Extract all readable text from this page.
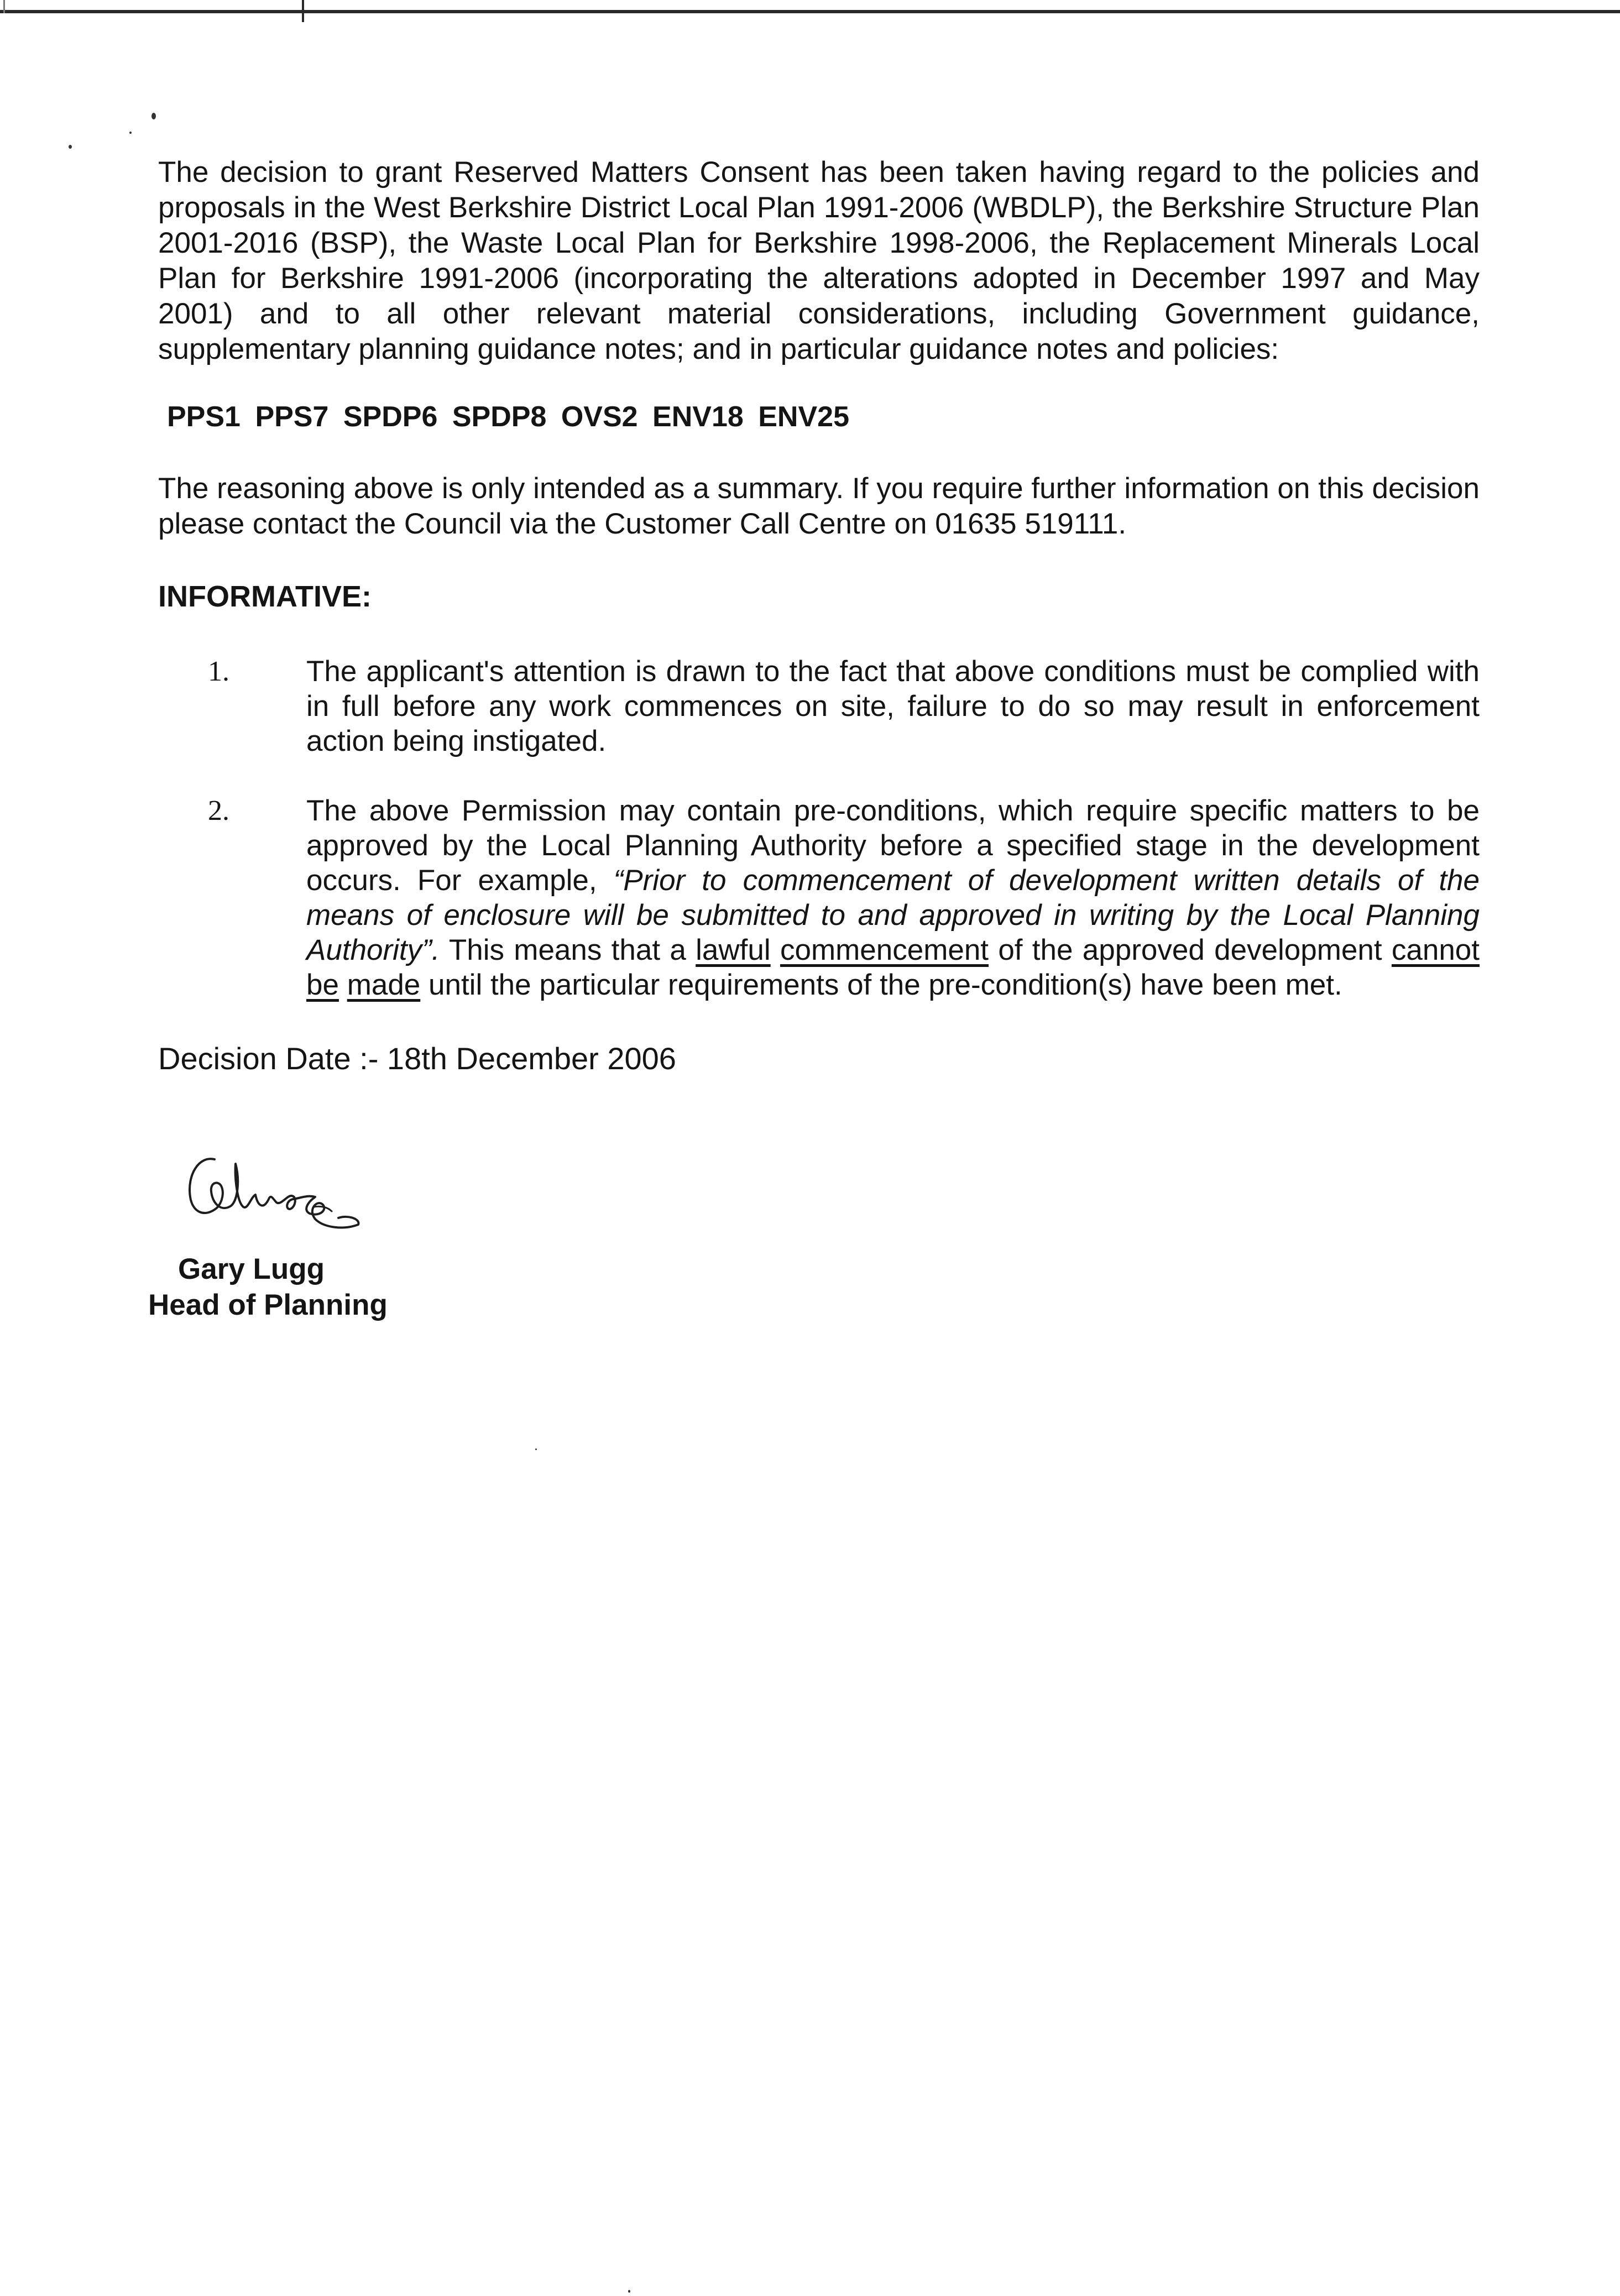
The decision to grant Reserved Matters Consent has been taken having regard to the policies and proposals in the West Berkshire District Local Plan 1991-2006 (WBDLP), the Berkshire Structure Plan 2001-2016 (BSP), the Waste Local Plan for Berkshire 1998-2006, the Replacement Minerals Local Plan for Berkshire 1991-2006 (incorporating the alterations adopted in December 1997 and May 2001) and to all other relevant material considerations, including Government guidance, supplementary planning guidance notes; and in particular guidance notes and policies:

PPS1 PPS7 SPDP6 SPDP8 OVS2 ENV18 ENV25

The reasoning above is only intended as a summary. If you require further information on this decision please contact the Council via the Customer Call Centre on 01635 519111.

INFORMATIVE:
1.	The applicant's attention is drawn to the fact that above conditions must be complied with in full before any work commences on site, failure to do so may result in enforcement action being instigated.
2.	The above Permission may contain pre-conditions, which require specific matters to be approved by the Local Planning Authority before a specified stage in the development occurs. For example, “Prior to commencement of development written details of the means of enclosure will be submitted to and approved in writing by the Local Planning Authority”. This means that a lawful commencement of the approved development cannot be made until the particular requirements of the pre-condition(s) have been met.
Decision Date :- 18th December 2006
Gary Lugg
Head of Planning
